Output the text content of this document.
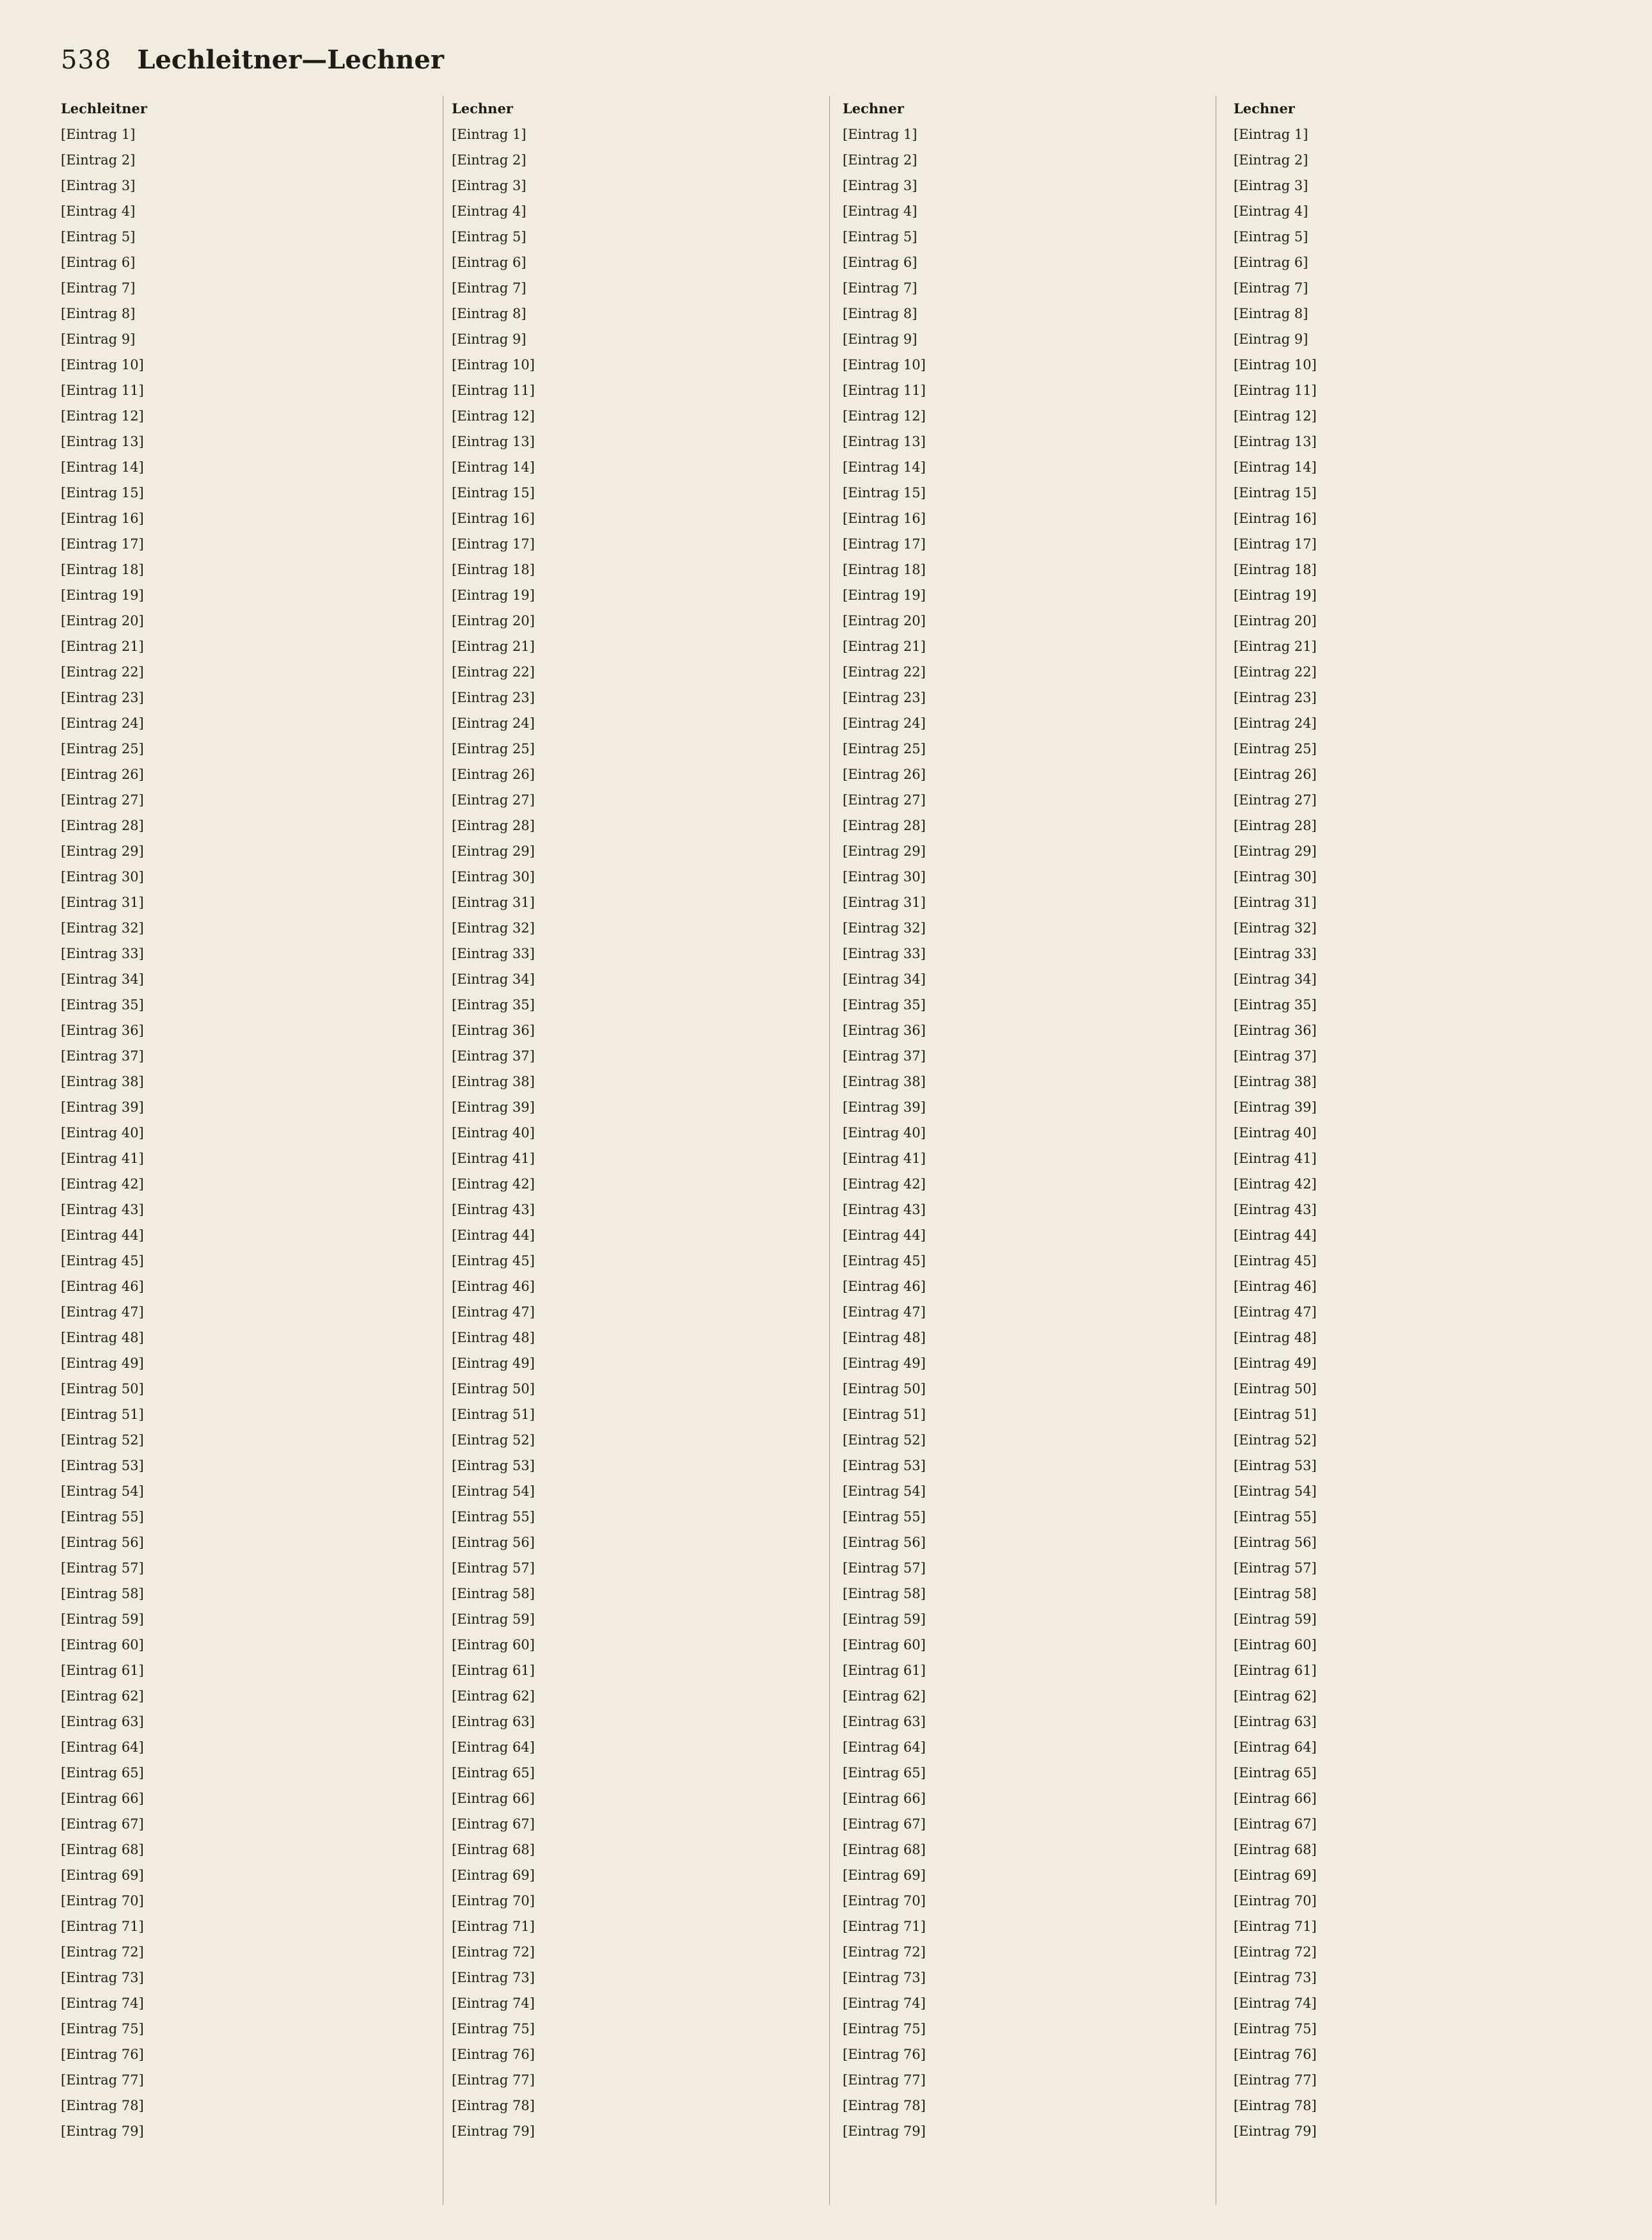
538 Lechleitner—Lechner
Lechleitner
[Eintrag 1]
[Eintrag 2]
[Eintrag 3]
[Eintrag 4]
[Eintrag 5]
[Eintrag 6]
[Eintrag 7]
[Eintrag 8]
[Eintrag 9]
[Eintrag 10]
[Eintrag 11]
[Eintrag 12]
[Eintrag 13]
[Eintrag 14]
[Eintrag 15]
[Eintrag 16]
[Eintrag 17]
[Eintrag 18]
[Eintrag 19]
[Eintrag 20]
[Eintrag 21]
[Eintrag 22]
[Eintrag 23]
[Eintrag 24]
[Eintrag 25]
[Eintrag 26]
[Eintrag 27]
[Eintrag 28]
[Eintrag 29]
[Eintrag 30]
[Eintrag 31]
[Eintrag 32]
[Eintrag 33]
[Eintrag 34]
[Eintrag 35]
[Eintrag 36]
[Eintrag 37]
[Eintrag 38]
[Eintrag 39]
[Eintrag 40]
[Eintrag 41]
[Eintrag 42]
[Eintrag 43]
[Eintrag 44]
[Eintrag 45]
[Eintrag 46]
[Eintrag 47]
[Eintrag 48]
[Eintrag 49]
[Eintrag 50]
[Eintrag 51]
[Eintrag 52]
[Eintrag 53]
[Eintrag 54]
[Eintrag 55]
[Eintrag 56]
[Eintrag 57]
[Eintrag 58]
[Eintrag 59]
[Eintrag 60]
[Eintrag 61]
[Eintrag 62]
[Eintrag 63]
[Eintrag 64]
[Eintrag 65]
[Eintrag 66]
[Eintrag 67]
[Eintrag 68]
[Eintrag 69]
[Eintrag 70]
[Eintrag 71]
[Eintrag 72]
[Eintrag 73]
[Eintrag 74]
[Eintrag 75]
[Eintrag 76]
[Eintrag 77]
[Eintrag 78]
[Eintrag 79]
Lechner
[Eintrag 1]
[Eintrag 2]
[Eintrag 3]
[Eintrag 4]
[Eintrag 5]
[Eintrag 6]
[Eintrag 7]
[Eintrag 8]
[Eintrag 9]
[Eintrag 10]
[Eintrag 11]
[Eintrag 12]
[Eintrag 13]
[Eintrag 14]
[Eintrag 15]
[Eintrag 16]
[Eintrag 17]
[Eintrag 18]
[Eintrag 19]
[Eintrag 20]
[Eintrag 21]
[Eintrag 22]
[Eintrag 23]
[Eintrag 24]
[Eintrag 25]
[Eintrag 26]
[Eintrag 27]
[Eintrag 28]
[Eintrag 29]
[Eintrag 30]
[Eintrag 31]
[Eintrag 32]
[Eintrag 33]
[Eintrag 34]
[Eintrag 35]
[Eintrag 36]
[Eintrag 37]
[Eintrag 38]
[Eintrag 39]
[Eintrag 40]
[Eintrag 41]
[Eintrag 42]
[Eintrag 43]
[Eintrag 44]
[Eintrag 45]
[Eintrag 46]
[Eintrag 47]
[Eintrag 48]
[Eintrag 49]
[Eintrag 50]
[Eintrag 51]
[Eintrag 52]
[Eintrag 53]
[Eintrag 54]
[Eintrag 55]
[Eintrag 56]
[Eintrag 57]
[Eintrag 58]
[Eintrag 59]
[Eintrag 60]
[Eintrag 61]
[Eintrag 62]
[Eintrag 63]
[Eintrag 64]
[Eintrag 65]
[Eintrag 66]
[Eintrag 67]
[Eintrag 68]
[Eintrag 69]
[Eintrag 70]
[Eintrag 71]
[Eintrag 72]
[Eintrag 73]
[Eintrag 74]
[Eintrag 75]
[Eintrag 76]
[Eintrag 77]
[Eintrag 78]
[Eintrag 79]
Lechner
[Eintrag 1]
[Eintrag 2]
[Eintrag 3]
[Eintrag 4]
[Eintrag 5]
[Eintrag 6]
[Eintrag 7]
[Eintrag 8]
[Eintrag 9]
[Eintrag 10]
[Eintrag 11]
[Eintrag 12]
[Eintrag 13]
[Eintrag 14]
[Eintrag 15]
[Eintrag 16]
[Eintrag 17]
[Eintrag 18]
[Eintrag 19]
[Eintrag 20]
[Eintrag 21]
[Eintrag 22]
[Eintrag 23]
[Eintrag 24]
[Eintrag 25]
[Eintrag 26]
[Eintrag 27]
[Eintrag 28]
[Eintrag 29]
[Eintrag 30]
[Eintrag 31]
[Eintrag 32]
[Eintrag 33]
[Eintrag 34]
[Eintrag 35]
[Eintrag 36]
[Eintrag 37]
[Eintrag 38]
[Eintrag 39]
[Eintrag 40]
[Eintrag 41]
[Eintrag 42]
[Eintrag 43]
[Eintrag 44]
[Eintrag 45]
[Eintrag 46]
[Eintrag 47]
[Eintrag 48]
[Eintrag 49]
[Eintrag 50]
[Eintrag 51]
[Eintrag 52]
[Eintrag 53]
[Eintrag 54]
[Eintrag 55]
[Eintrag 56]
[Eintrag 57]
[Eintrag 58]
[Eintrag 59]
[Eintrag 60]
[Eintrag 61]
[Eintrag 62]
[Eintrag 63]
[Eintrag 64]
[Eintrag 65]
[Eintrag 66]
[Eintrag 67]
[Eintrag 68]
[Eintrag 69]
[Eintrag 70]
[Eintrag 71]
[Eintrag 72]
[Eintrag 73]
[Eintrag 74]
[Eintrag 75]
[Eintrag 76]
[Eintrag 77]
[Eintrag 78]
[Eintrag 79]
Lechner
[Eintrag 1]
[Eintrag 2]
[Eintrag 3]
[Eintrag 4]
[Eintrag 5]
[Eintrag 6]
[Eintrag 7]
[Eintrag 8]
[Eintrag 9]
[Eintrag 10]
[Eintrag 11]
[Eintrag 12]
[Eintrag 13]
[Eintrag 14]
[Eintrag 15]
[Eintrag 16]
[Eintrag 17]
[Eintrag 18]
[Eintrag 19]
[Eintrag 20]
[Eintrag 21]
[Eintrag 22]
[Eintrag 23]
[Eintrag 24]
[Eintrag 25]
[Eintrag 26]
[Eintrag 27]
[Eintrag 28]
[Eintrag 29]
[Eintrag 30]
[Eintrag 31]
[Eintrag 32]
[Eintrag 33]
[Eintrag 34]
[Eintrag 35]
[Eintrag 36]
[Eintrag 37]
[Eintrag 38]
[Eintrag 39]
[Eintrag 40]
[Eintrag 41]
[Eintrag 42]
[Eintrag 43]
[Eintrag 44]
[Eintrag 45]
[Eintrag 46]
[Eintrag 47]
[Eintrag 48]
[Eintrag 49]
[Eintrag 50]
[Eintrag 51]
[Eintrag 52]
[Eintrag 53]
[Eintrag 54]
[Eintrag 55]
[Eintrag 56]
[Eintrag 57]
[Eintrag 58]
[Eintrag 59]
[Eintrag 60]
[Eintrag 61]
[Eintrag 62]
[Eintrag 63]
[Eintrag 64]
[Eintrag 65]
[Eintrag 66]
[Eintrag 67]
[Eintrag 68]
[Eintrag 69]
[Eintrag 70]
[Eintrag 71]
[Eintrag 72]
[Eintrag 73]
[Eintrag 74]
[Eintrag 75]
[Eintrag 76]
[Eintrag 77]
[Eintrag 78]
[Eintrag 79]
